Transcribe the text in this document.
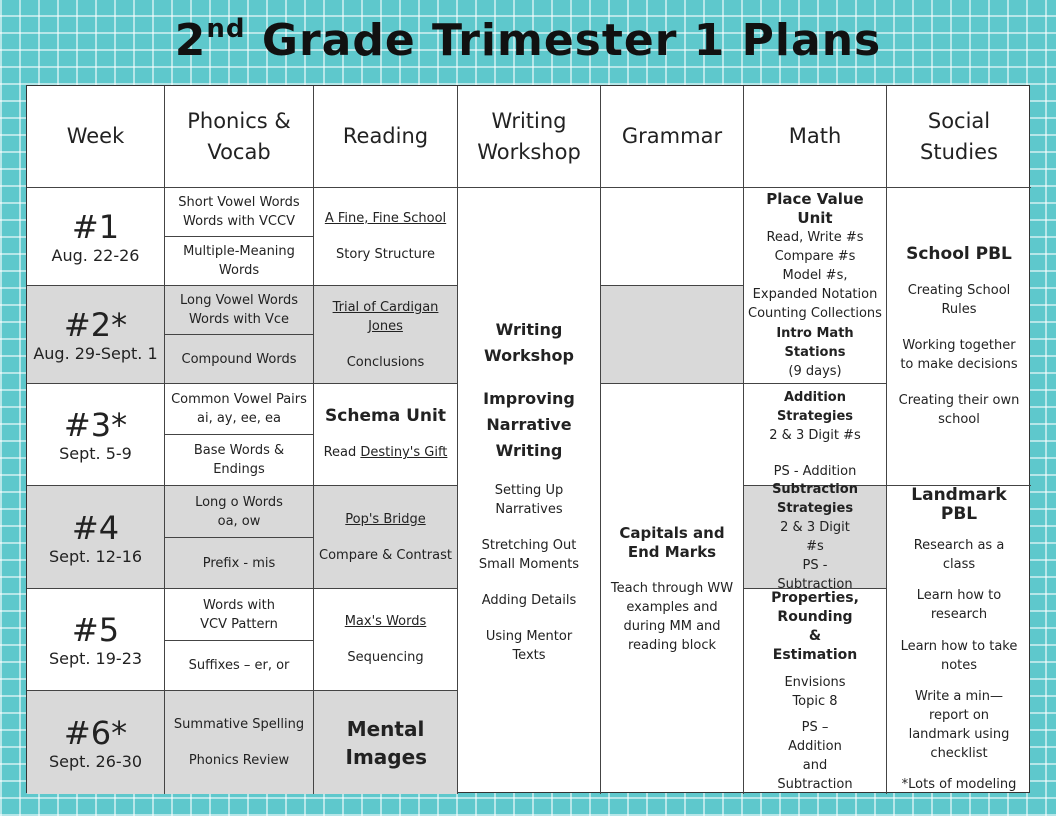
2nd Grade Trimester 1 Plans
Week
Phonics & Vocab
Reading
Writing Workshop
Grammar	Math
Social Studies
#1
Aug. 22-26
#2*
Aug. 29-Sept. 1
#3*
Sept. 5-9
#4
Sept. 12-16
#5
Sept. 19-23
#6*
Sept. 26-30
Short Vowel Words
Words with VCCV
Multiple-Meaning
Words
Long Vowel Words
Words with Vce
Compound Words
Common Vowel Pairs
ai, ay, ee, ea
Base Words &
Endings
Long o Words
oa, ow
Prefix - mis
Words with
VCV Pattern
Suffixes – er, or
Summative Spelling
Phonics Review
A Fine, Fine School
Story Structure
Trial of Cardigan Jones
Conclusions
Schema Unit
Read Destiny's Gift
Pop's Bridge
Compare & Contrast
Max's Words
Sequencing
Mental Images
Writing Workshop
Improving Narrative Writing
Setting Up Narratives
Stretching Out Small Moments
Adding Details
Using Mentor Texts
Capitals and End Marks
Teach through WW examples and during MM and reading block
Place Value Unit
Read, Write #s
Compare #s
Model #s,
Expanded Notation
Counting Collections
Intro Math Stations
(9 days)
Addition Strategies
2 & 3 Digit #s
PS - Addition
Subtraction Strategies
2 & 3 Digit #s
PS - Subtraction
Properties, Rounding & Estimation
Envisions Topic 8
PS – Addition and Subtraction
School PBL
Creating School Rules
Working together to make decisions
Creating their own school
Landmark PBL
Research as a class
Learn how to research
Learn how to take notes
Write a min—report on landmark using checklist
*Lots of modeling
